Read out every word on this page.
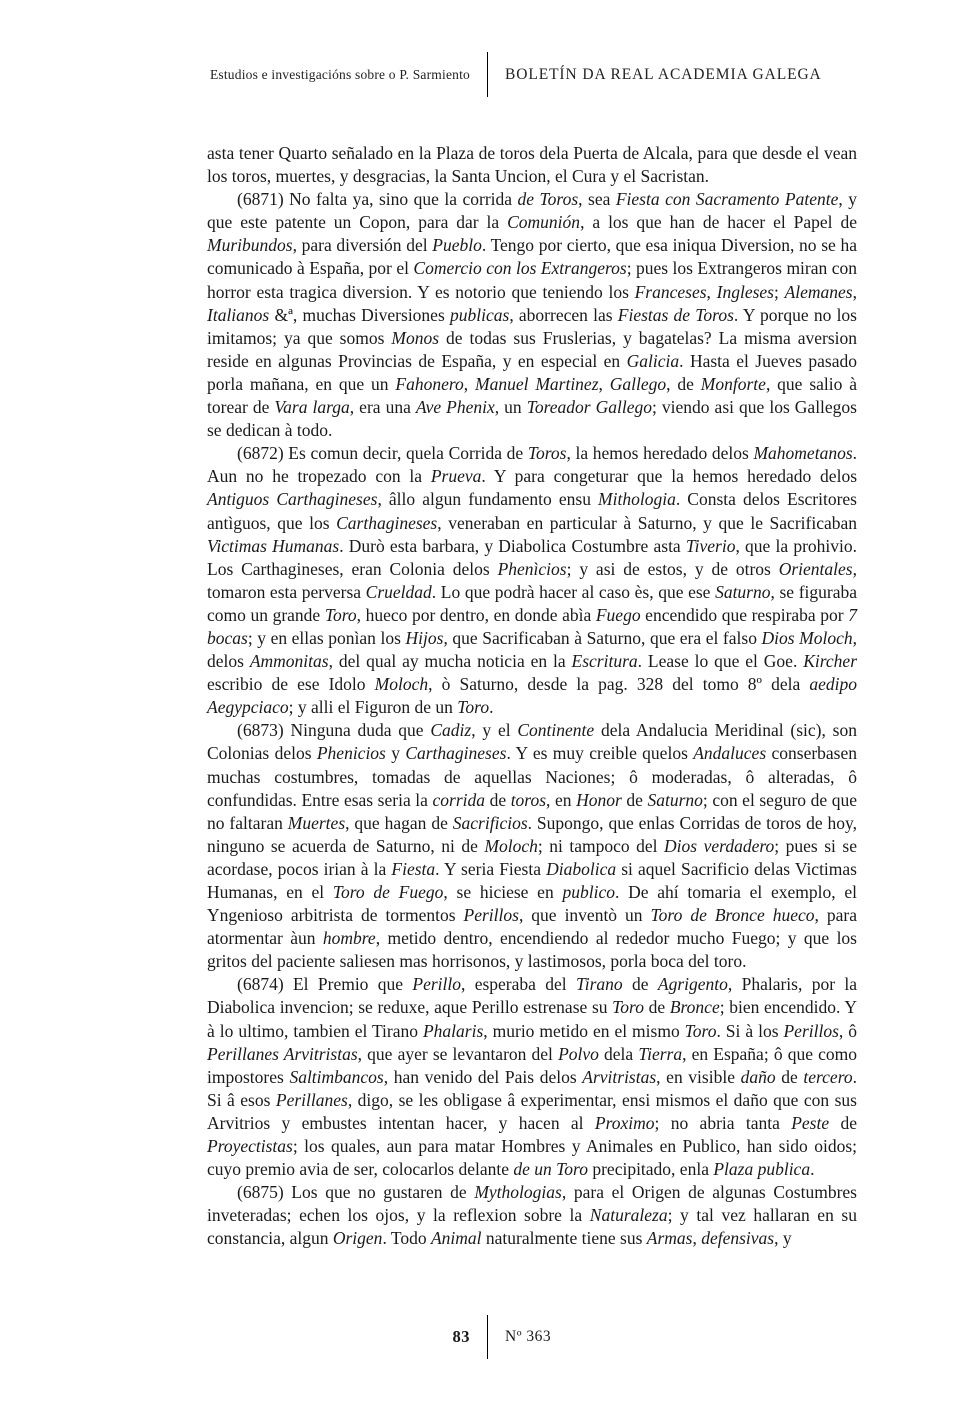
Estudios e investigacións sobre o P. Sarmiento	BOLETÍN DA REAL ACADEMIA GALEGA

asta tener Quarto señalado en la Plaza de toros dela Puerta de Alcala, para que desde el vean los toros, muertes, y desgracias, la Santa Uncion, el Cura y el Sacristan.

(6871) No falta ya, sino que la corrida de Toros, sea Fiesta con Sacramento Patente, y que este patente un Copon, para dar la Comunión, a los que han de hacer el Papel de Muribundos, para diversión del Pueblo. Tengo por cierto, que esa iniqua Diversion, no se ha comunicado à España, por el Comercio con los Extrangeros; pues los Extrangeros miran con horror esta tragica diversion. Y es notorio que teniendo los Franceses, Ingleses; Alemanes, Italianos &ª, muchas Diversiones publicas, aborrecen las Fiestas de Toros. Y porque no los imitamos; ya que somos Monos de todas sus Fruslerias, y bagatelas? La misma aversion reside en algunas Provincias de España, y en especial en Galicia. Hasta el Jueves pasado porla mañana, en que un Fahonero, Manuel Martinez, Gallego, de Monforte, que salio à torear de Vara larga, era una Ave Phenix, un Toreador Gallego; viendo asi que los Gallegos se dedican à todo.

(6872) Es comun decir, quela Corrida de Toros, la hemos heredado delos Mahometanos. Aun no he tropezado con la Prueva. Y para congeturar que la hemos heredado delos Antiguos Carthagineses, âllo algun fundamento ensu Mithologia. Consta delos Escritores antìguos, que los Carthagineses, veneraban en particular à Saturno, y que le Sacrificaban Victimas Humanas. Durò esta barbara, y Diabolica Costumbre asta Tiverio, que la prohivio. Los Carthagineses, eran Colonia delos Phenìcios; y asi de estos, y de otros Orientales, tomaron esta perversa Crueldad. Lo que podrà hacer al caso ès, que ese Saturno, se figuraba como un grande Toro, hueco por dentro, en donde abìa Fuego encendido que respiraba por 7 bocas; y en ellas ponìan los Hijos, que Sacrificaban à Saturno, que era el falso Dios Moloch, delos Ammonitas, del qual ay mucha noticia en la Escritura. Lease lo que el Goe. Kircher escribio de ese Idolo Moloch, ò Saturno, desde la pag. 328 del tomo 8º dela aedipo Aegypciaco; y alli el Figuron de un Toro.

(6873) Ninguna duda que Cadiz, y el Continente dela Andalucia Meridinal (sic), son Colonias delos Phenicios y Carthagineses. Y es muy creible quelos Andaluces conserbasen muchas costumbres, tomadas de aquellas Naciones; ô moderadas, ô alteradas, ô confundidas. Entre esas seria la corrida de toros, en Honor de Saturno; con el seguro de que no faltaran Muertes, que hagan de Sacrificios. Supongo, que enlas Corridas de toros de hoy, ninguno se acuerda de Saturno, ni de Moloch; ni tampoco del Dios verdadero; pues si se acordase, pocos irian à la Fiesta. Y seria Fiesta Diabolica si aquel Sacrificio delas Victimas Humanas, en el Toro de Fuego, se hiciese en publico. De ahí tomaria el exemplo, el Yngenioso arbitrista de tormentos Perillos, que inventò un Toro de Bronce hueco, para atormentar àun hombre, metido dentro, encendiendo al rededor mucho Fuego; y que los gritos del paciente saliesen mas horrisonos, y lastimosos, porla boca del toro.

(6874) El Premio que Perillo, esperaba del Tirano de Agrigento, Phalaris, por la Diabolica invencion; se reduxe, aque Perillo estrenase su Toro de Bronce; bien encendido. Y à lo ultimo, tambien el Tirano Phalaris, murio metido en el mismo Toro. Si à los Perillos, ô Perillanes Arvitristas, que ayer se levantaron del Polvo dela Tierra, en España; ô que como impostores Saltimbancos, han venido del Pais delos Arvitristas, en visible daño de tercero. Si â esos Perillanes, digo, se les obligase â experimentar, ensi mismos el daño que con sus Arvitrios y embustes intentan hacer, y hacen al Proximo; no abria tanta Peste de Proyectistas; los quales, aun para matar Hombres y Animales en Publico, han sido oidos; cuyo premio avia de ser, colocarlos delante de un Toro precipitado, enla Plaza publica.

(6875) Los que no gustaren de Mythologias, para el Origen de algunas Costumbres inveteradas; echen los ojos, y la reflexion sobre la Naturaleza; y tal vez hallaran en su constancia, algun Origen. Todo Animal naturalmente tiene sus Armas, defensivas, y

83	Nº 363
